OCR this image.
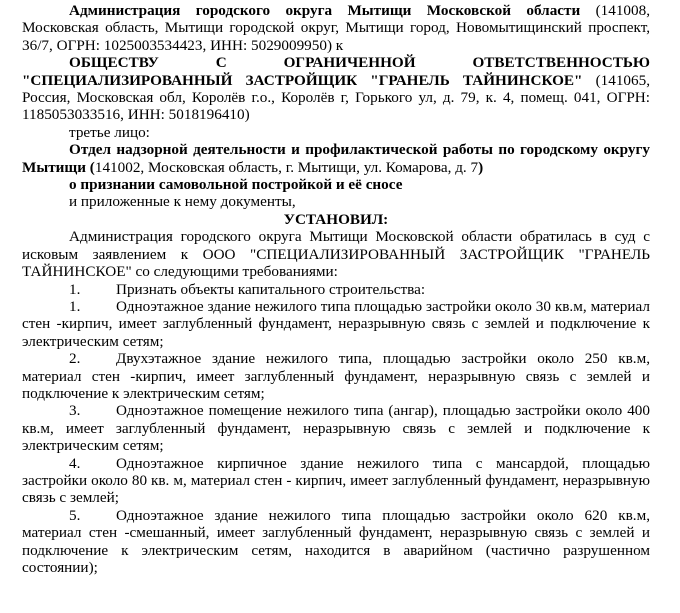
Администрация городского округа Мытищи Московской области (141008, Московская область, Мытищи городской округ, Мытищи город, Новомытищинский проспект, 36/7, ОГРН: 1025003534423, ИНН: 5029009950) к

ОБЩЕСТВУ С ОГРАНИЧЕННОЙ ОТВЕТСТВЕННОСТЬЮ "СПЕЦИАЛИЗИРОВАННЫЙ ЗАСТРОЙЩИК "ГРАНЕЛЬ ТАЙНИНСКОЕ" (141065, Россия, Московская обл, Королёв г.о., Королёв г, Горького ул, д. 79, к. 4, помещ. 041, ОГРН: 1185053033516, ИНН: 5018196410)

третье лицо:

Отдел надзорной деятельности и профилактической работы по городскому округу Мытищи (141002, Московская область, г. Мытищи, ул. Комарова, д. 7)

о признании самовольной постройкой и её сносе

и приложенные к нему документы,

УСТАНОВИЛ:

Администрация городского округа Мытищи Московской области обратилась в суд с исковым заявлением к ООО "СПЕЦИАЛИЗИРОВАННЫЙ ЗАСТРОЙЩИК "ГРАНЕЛЬ ТАЙНИНСКОЕ" со следующими требованиями:

1. Признать объекты капитального строительства:

1. Одноэтажное здание нежилого типа площадью застройки около 30 кв.м, материал стен -кирпич, имеет заглубленный фундамент, неразрывную связь с землей и подключение к электрическим сетям;

2. Двухэтажное здание нежилого типа, площадью застройки около 250 кв.м, материал стен -кирпич, имеет заглубленный фундамент, неразрывную связь с землей и подключение к электрическим сетям;

3. Одноэтажное помещение нежилого типа (ангар), площадью застройки около 400 кв.м, имеет заглубленный фундамент, неразрывную связь с землей и подключение к электрическим сетям;

4. Одноэтажное кирпичное здание нежилого типа с мансардой, площадью застройки около 80 кв. м, материал стен - кирпич, имеет заглубленный фундамент, неразрывную связь с землей;

5. Одноэтажное здание нежилого типа площадью застройки около 620 кв.м, материал стен -смешанный, имеет заглубленный фундамент, неразрывную связь с землей и подключение к электрическим сетям, находится в аварийном (частично разрушенном состоянии);
